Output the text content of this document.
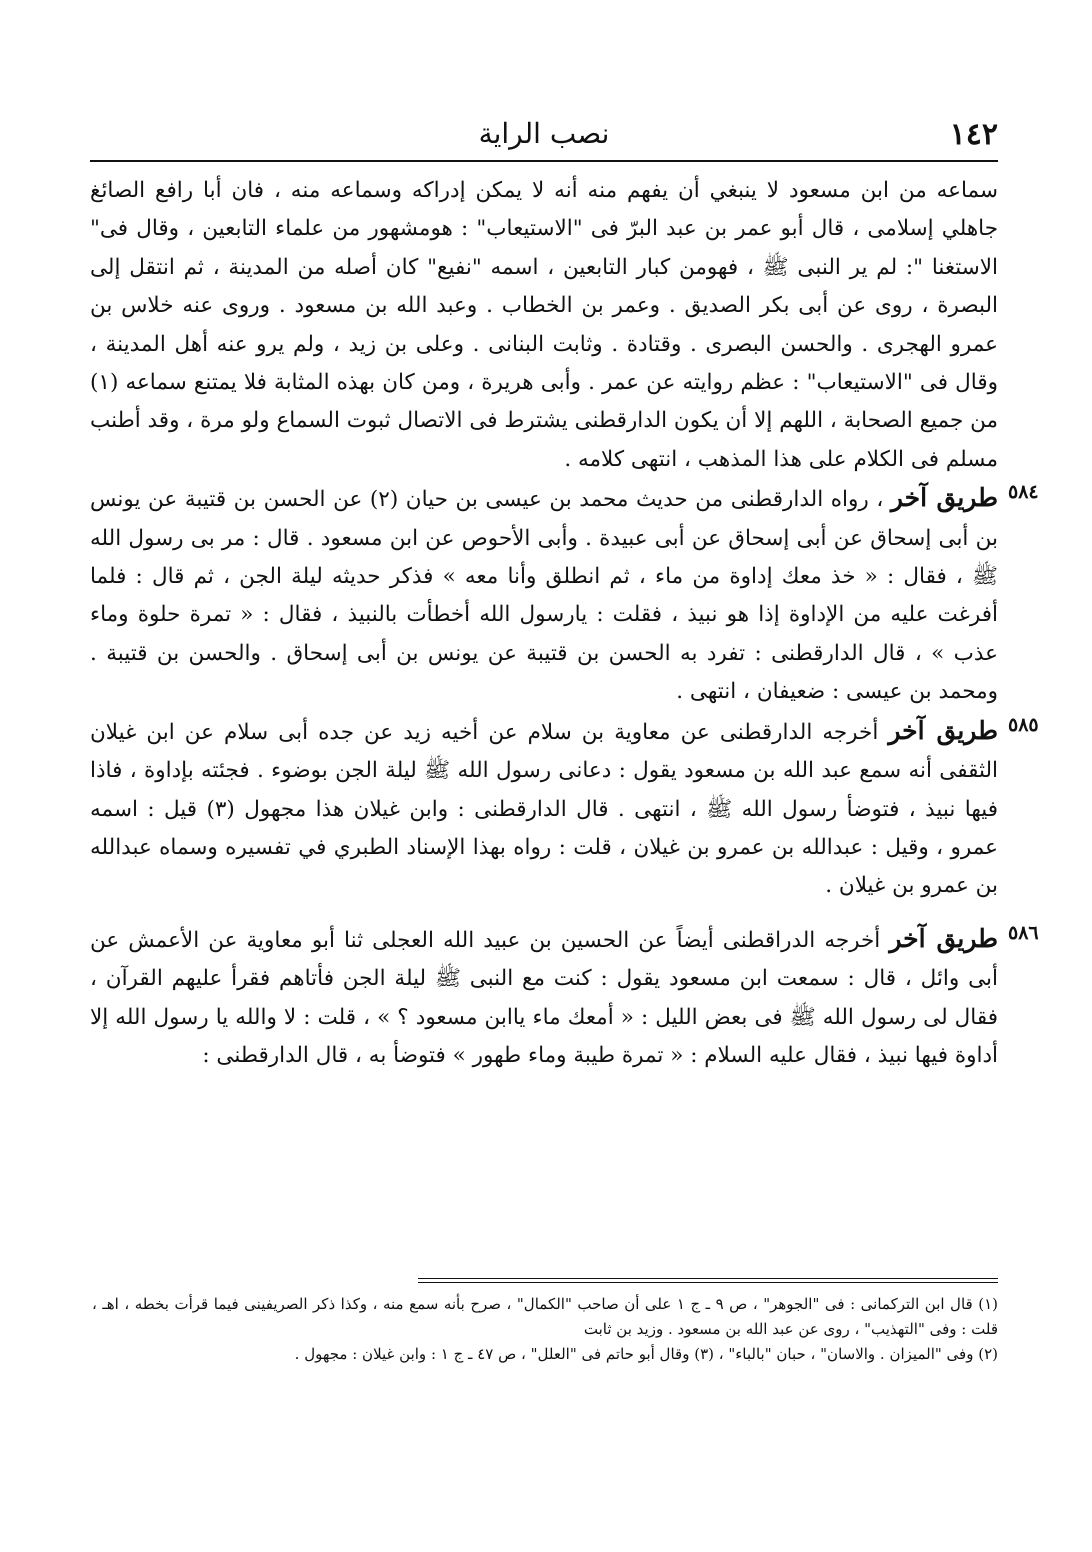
١٤٢
نصب الراية

سماعه من ابن مسعود لا ينبغي أن يفهم منه أنه لا يمكن إدراكه وسماعه منه ، فان أبا رافع الصائغ جاهلي إسلامى ، قال أبو عمر بن عبد البرّ فى "الاستيعاب" : هومشهور من علماء التابعين ، وقال فى" الاستغنا ": لم ير النبى ﷺ ، فهومن كبار التابعين ، اسمه "نفيع" كان أصله من المدينة ، ثم انتقل إلى البصرة ، روى عن أبى بكر الصديق . وعمر بن الخطاب . وعبد الله بن مسعود . وروى عنه خلاس بن عمرو الهجرى . والحسن البصرى . وقتادة . وثابت البنانى . وعلى بن زيد ، ولم يرو عنه أهل المدينة ، وقال فى "الاستيعاب" : عظم روايته عن عمر . وأبى هريرة ، ومن كان بهذه المثابة فلا يمتنع سماعه (١) من جميع الصحابة ، اللهم إلا أن يكون الدارقطنى يشترط فى الاتصال ثبوت السماع ولو مرة ، وقد أطنب مسلم فى الكلام على هذا المذهب ، انتهى كلامه .

٥٨٤

طريق آخر ، رواه الدارقطنى من حديث محمد بن عيسى بن حيان (٢) عن الحسن بن قتيبة عن يونس بن أبى إسحاق عن أبى إسحاق عن أبى عبيدة . وأبى الأحوص عن ابن مسعود . قال : مر بى رسول الله ﷺ ، فقال : « خذ معك إداوة من ماء ، ثم انطلق وأنا معه » فذكر حديثه ليلة الجن ، ثم قال : فلما أفرغت عليه من الإداوة إذا هو نبيذ ، فقلت : يارسول الله أخطأت بالنبيذ ، فقال : « تمرة حلوة وماء عذب » ، قال الدارقطنى : تفرد به الحسن بن قتيبة عن يونس بن أبى إسحاق . والحسن بن قتيبة . ومحمد بن عيسى : ضعيفان ، انتهى .

٥٨٥

طريق آخر أخرجه الدارقطنى عن معاوية بن سلام عن أخيه زيد عن جده أبى سلام عن ابن غيلان الثقفى أنه سمع عبد الله بن مسعود يقول : دعانى رسول الله ﷺ ليلة الجن بوضوء . فجئته بإداوة ، فاذا فيها نبيذ ، فتوضأ رسول الله ﷺ ، انتهى . قال الدارقطنى : وابن غيلان هذا مجهول (٣) قيل : اسمه عمرو ، وقيل : عبدالله بن عمرو بن غيلان ، قلت : رواه بهذا الإسناد الطبري في تفسيره وسماه عبدالله بن عمرو بن غيلان .

٥٨٦

طريق آخر أخرجه الدراقطنى أيضاً عن الحسين بن عبيد الله العجلى ثنا أبو معاوية عن الأعمش عن أبى وائل ، قال : سمعت ابن مسعود يقول : كنت مع النبى ﷺ ليلة الجن فأتاهم فقرأ عليهم القرآن ، فقال لى رسول الله ﷺ فى بعض الليل : « أمعك ماء ياابن مسعود ؟ » ، قلت : لا والله يا رسول الله إلا أداوة فيها نبيذ ، فقال عليه السلام : « تمرة طيبة وماء طهور » فتوضأ به ، قال الدارقطنى :

(١) قال ابن التركمانى : فى "الجوهر" ، ص ٩ ـ ج ١ على أن صاحب "الكمال" ، صرح بأنه سمع منه ، وكذا ذكر الصريفينى فيما قرأت بخطه ، اهـ ، قلت : وفى "التهذيب" ، روى عن عبد الله بن مسعود . وزيد بن ثابت

(٢) وفى "الميزان . والاسان" ، حبان "بالباء" ، (٣) وقال أبو حاتم فى "العلل" ، ص ٤٧ ـ ج ١ : وابن غيلان : مجهول .
